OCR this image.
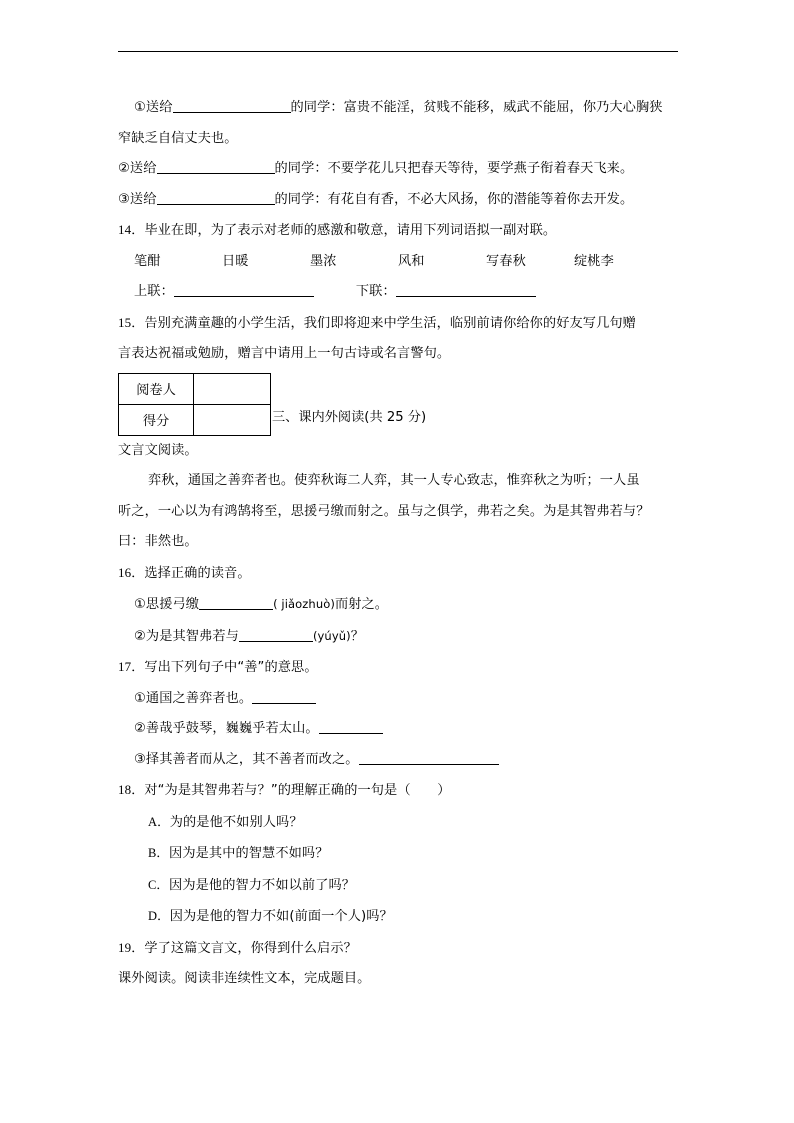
①送给	的同学：富贵不能淫，贫贱不能移，威武不能屈，你乃大心胸狭
窄缺乏自信丈夫也。
②送给	的同学：不要学花儿只把春天等待，要学燕子衔着春天飞来。
③送给	的同学：有花自有香，不必大风扬，你的潜能等着你去开发。
14．毕业在即，为了表示对老师的感激和敬意，请用下列词语拟一副对联。
笔酣	日暖	墨浓	风和	写春秋	绽桃李
上联：	下联：
15．告别充满童趣的小学生活，我们即将迎来中学生活，临别前请你给你的好友写几句赠
言表达祝福或勉励，赠言中请用上一句古诗或名言警句。
阅卷人	
得分		三、课内外阅读(共 25 分)
文言文阅读。
弈秋，通国之善弈者也。使弈秋诲二人弈，其一人专心致志，惟弈秋之为听；一人虽
听之，一心以为有鸿鹄将至，思援弓缴而射之。虽与之俱学，弗若之矣。为是其智弗若与？
曰：非然也。
16．选择正确的读音。
①思援弓缴	( jiǎozhuò)而射之。
②为是其智弗若与	(yúyǔ)？
17．写出下列句子中“善”的意思。
①通国之善弈者也。
②善哉乎鼓琴，巍巍乎若太山。
③择其善者而从之，其不善者而改之。
18．对“为是其智弗若与？”的理解正确的一句是（　　）
A．为的是他不如别人吗？
B．因为是其中的智慧不如吗？
C．因为是他的智力不如以前了吗？
D．因为是他的智力不如(前面一个人)吗？
19．学了这篇文言文，你得到什么启示？
课外阅读。阅读非连续性文本，完成题目。
